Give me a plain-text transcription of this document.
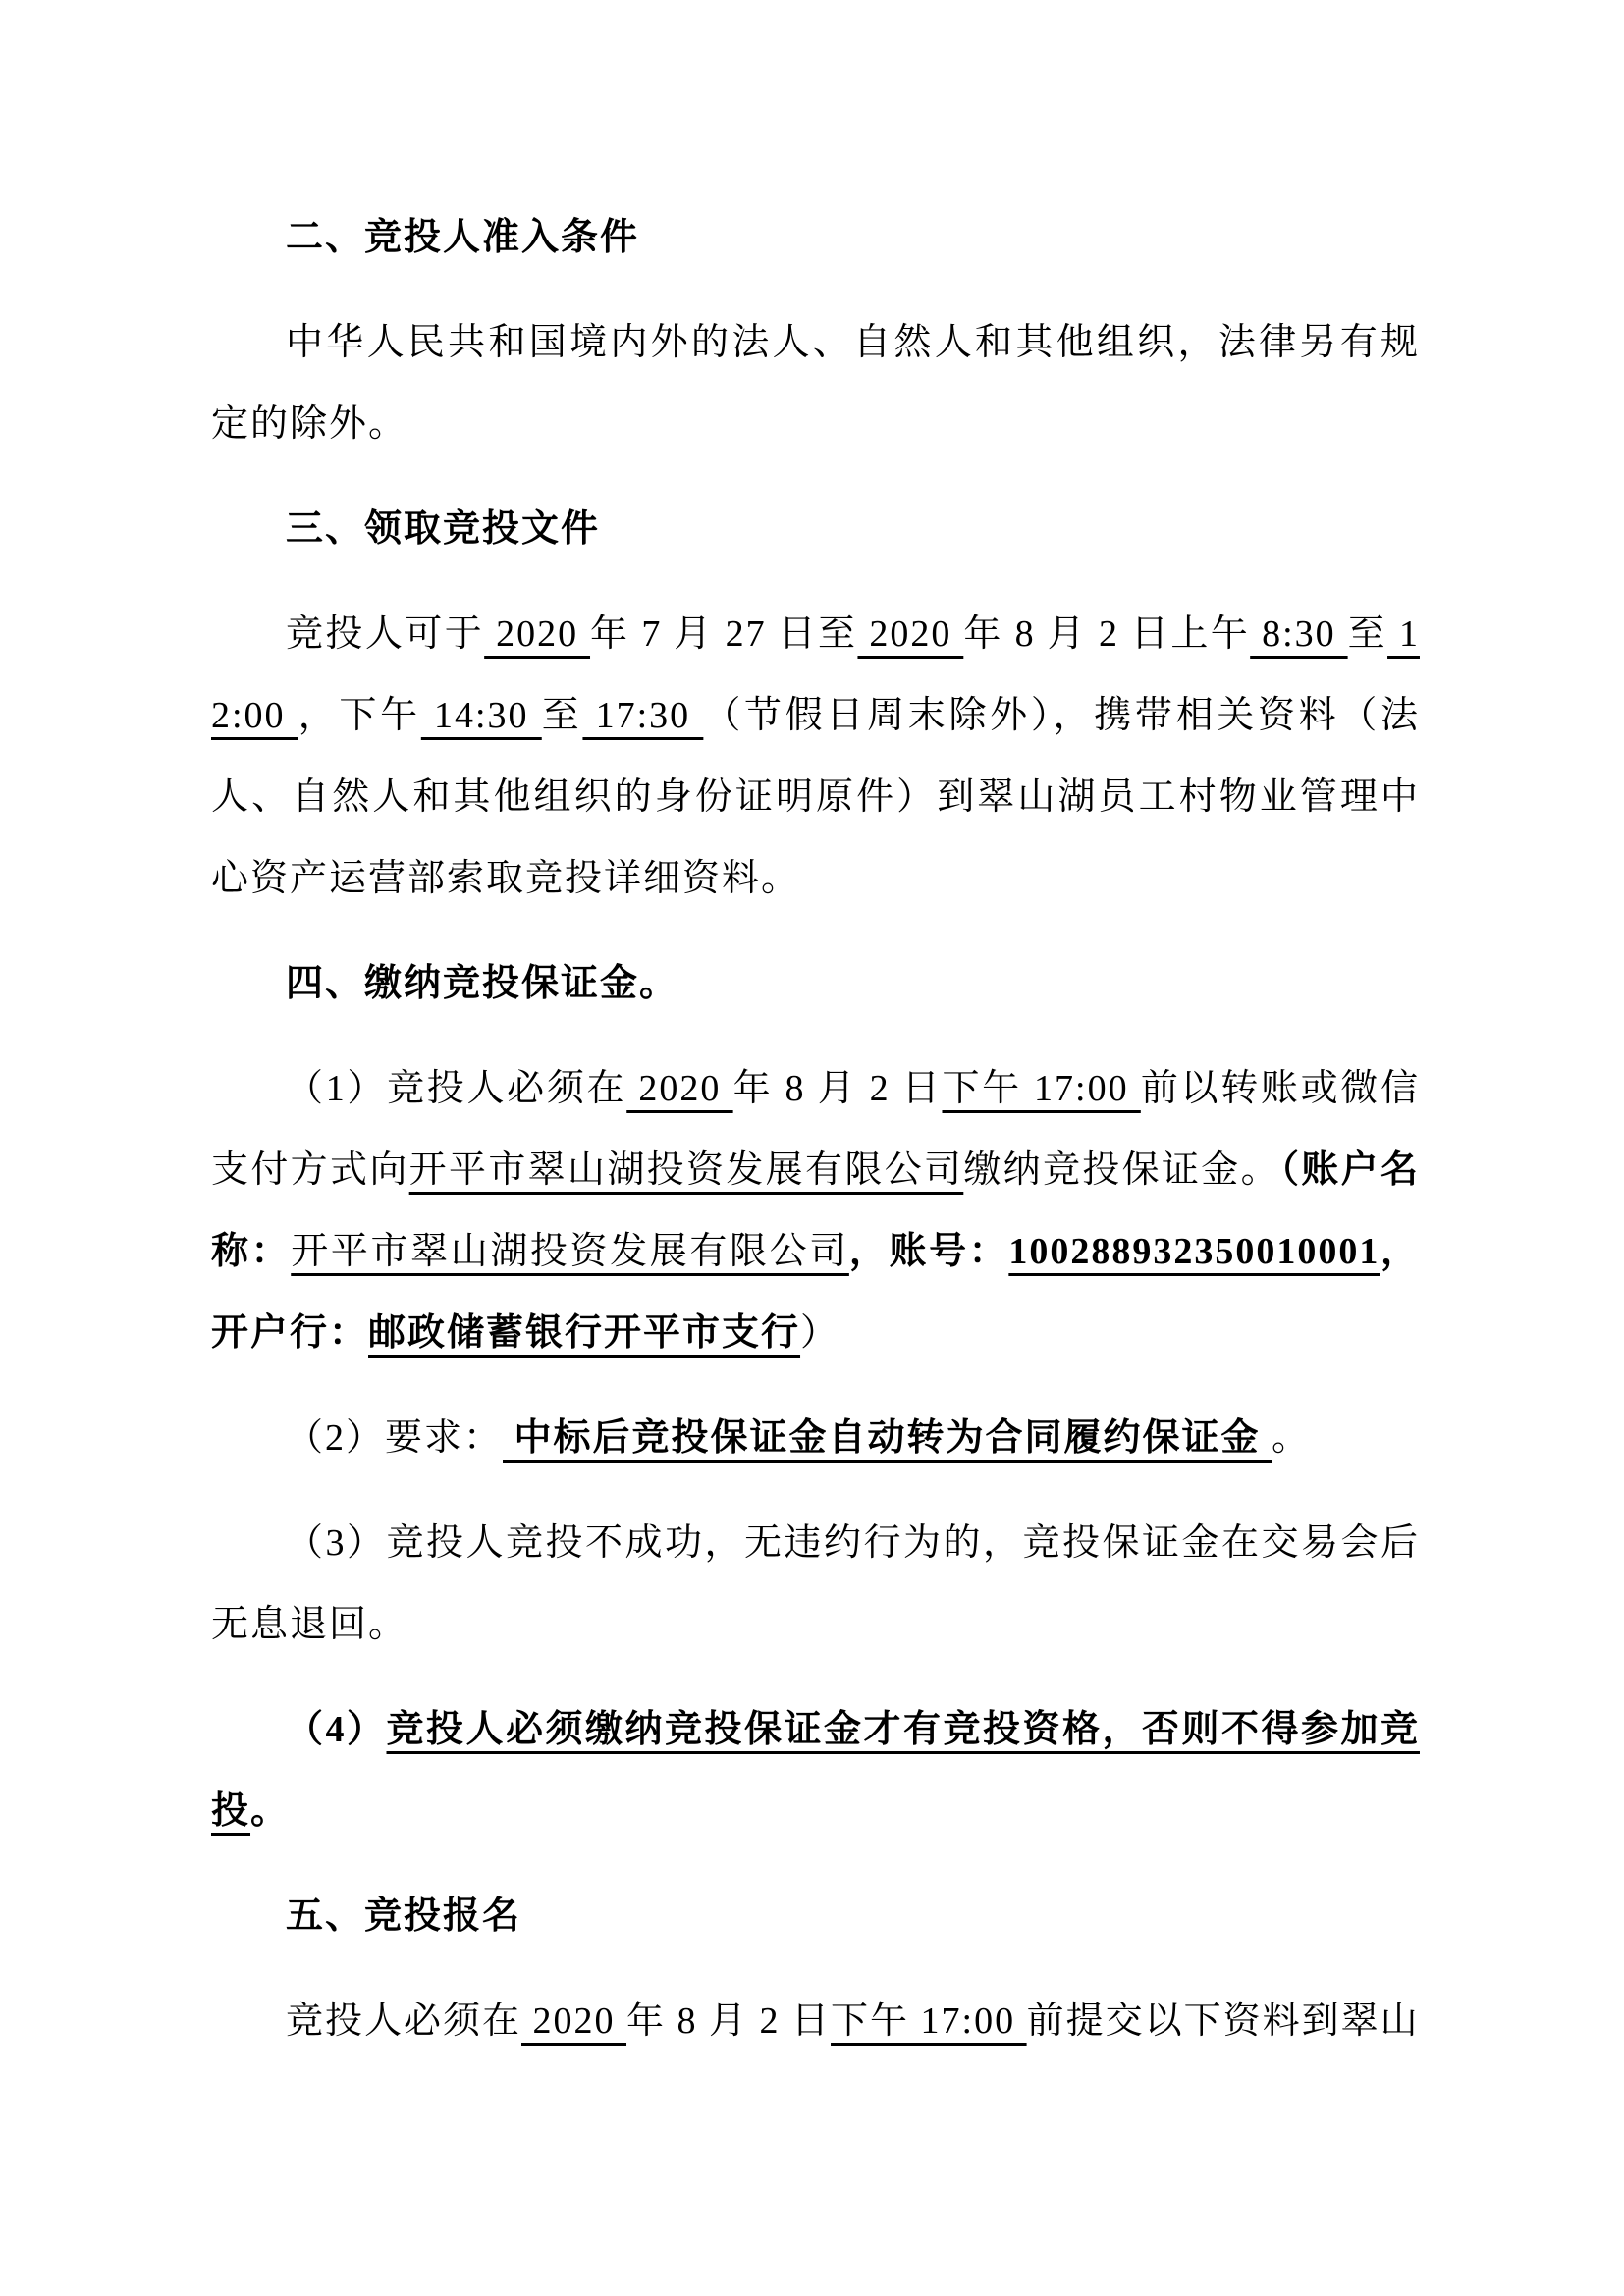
二、竞投人准入条件

中华人民共和国境内外的法人、自然人和其他组织，法律另有规定的除外。

三、领取竞投文件

竞投人可于 2020 年 7 月 27 日至 2020 年 8 月 2 日上午 8:30 至 12:00 ，下午 14:30 至 17:30 （节假日周末除外），携带相关资料（法人、自然人和其他组织的身份证明原件）到翠山湖员工村物业管理中心资产运营部索取竞投详细资料。

四、缴纳竞投保证金。

（1）竞投人必须在 2020 年 8 月 2 日下午 17:00 前以转账或微信支付方式向开平市翠山湖投资发展有限公司缴纳竞投保证金。（账户名称：开平市翠山湖投资发展有限公司，账号：100288932350010001，开户行：邮政储蓄银行开平市支行）

（2）要求： 中标后竞投保证金自动转为合同履约保证金 。

（3）竞投人竞投不成功，无违约行为的，竞投保证金在交易会后无息退回。

（4）竞投人必须缴纳竞投保证金才有竞投资格，否则不得参加竞投。

五、竞投报名

竞投人必须在 2020 年 8 月 2 日下午 17:00 前提交以下资料到翠山
